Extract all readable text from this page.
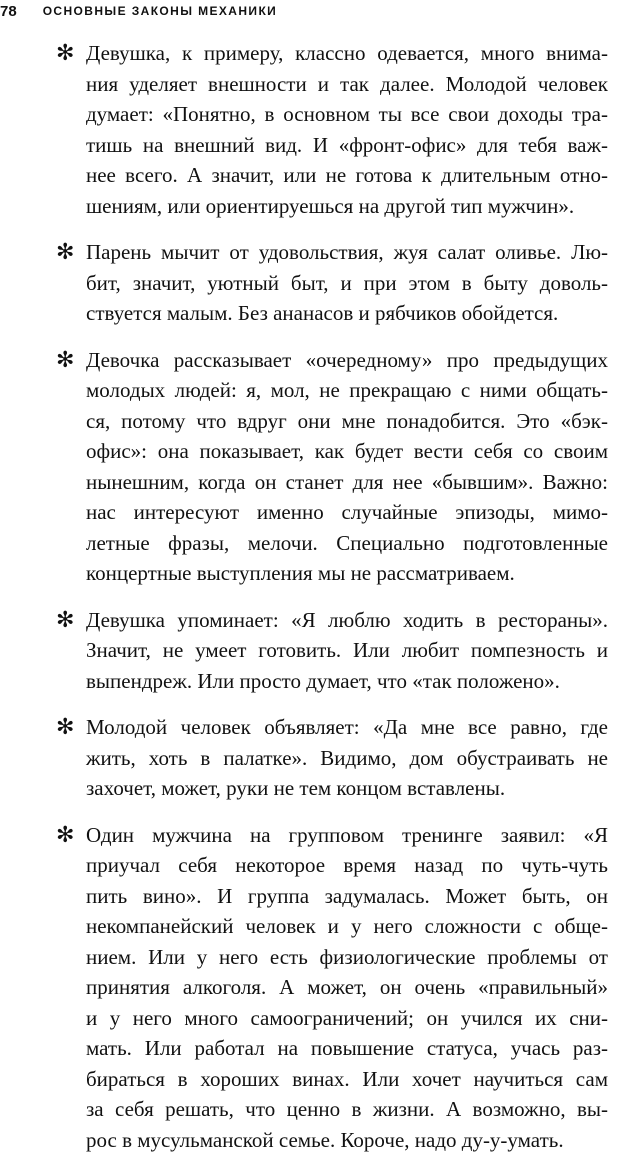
78 ОСНОВНЫЕ ЗАКОНЫ МЕХАНИКИ
✻ Девушка, к примеру, классно одевается, много внима-
ния уделяет внешности и так далее. Молодой человек
думает: «Понятно, в основном ты все свои доходы тра-
тишь на внешний вид. И «фронт-офис» для тебя важ-
нее всего. А значит, или не готова к длительным отно-
шениям, или ориентируешься на другой тип мужчин».
✻ Парень мычит от удовольствия, жуя салат оливье. Лю-
бит, значит, уютный быт, и при этом в быту доволь-
ствуется малым. Без ананасов и рябчиков обойдется.
✻ Девочка рассказывает «очередному» про предыдущих
молодых людей: я, мол, не прекращаю с ними общать-
ся, потому что вдруг они мне понадобится. Это «бэк-
офис»: она показывает, как будет вести себя со своим
нынешним, когда он станет для нее «бывшим». Важно:
нас интересуют именно случайные эпизоды, мимо-
летные фразы, мелочи. Специально подготовленные
концертные выступления мы не рассматриваем.
✻ Девушка упоминает: «Я люблю ходить в рестораны».
Значит, не умеет готовить. Или любит помпезность и
выпендреж. Или просто думает, что «так положено».
✻ Молодой человек объявляет: «Да мне все равно, где
жить, хоть в палатке». Видимо, дом обустраивать не
захочет, может, руки не тем концом вставлены.
✻ Один мужчина на групповом тренинге заявил: «Я
приучал себя некоторое время назад по чуть-чуть
пить вино». И группа задумалась. Может быть, он
некомпанейский человек и у него сложности с обще-
нием. Или у него есть физиологические проблемы от
принятия алкоголя. А может, он очень «правильный»
и у него много самоограничений; он учился их сни-
мать. Или работал на повышение статуса, учась раз-
бираться в хороших винах. Или хочет научиться сам
за себя решать, что ценно в жизни. А возможно, вы-
рос в мусульманской семье. Короче, надо ду-у-умать.
